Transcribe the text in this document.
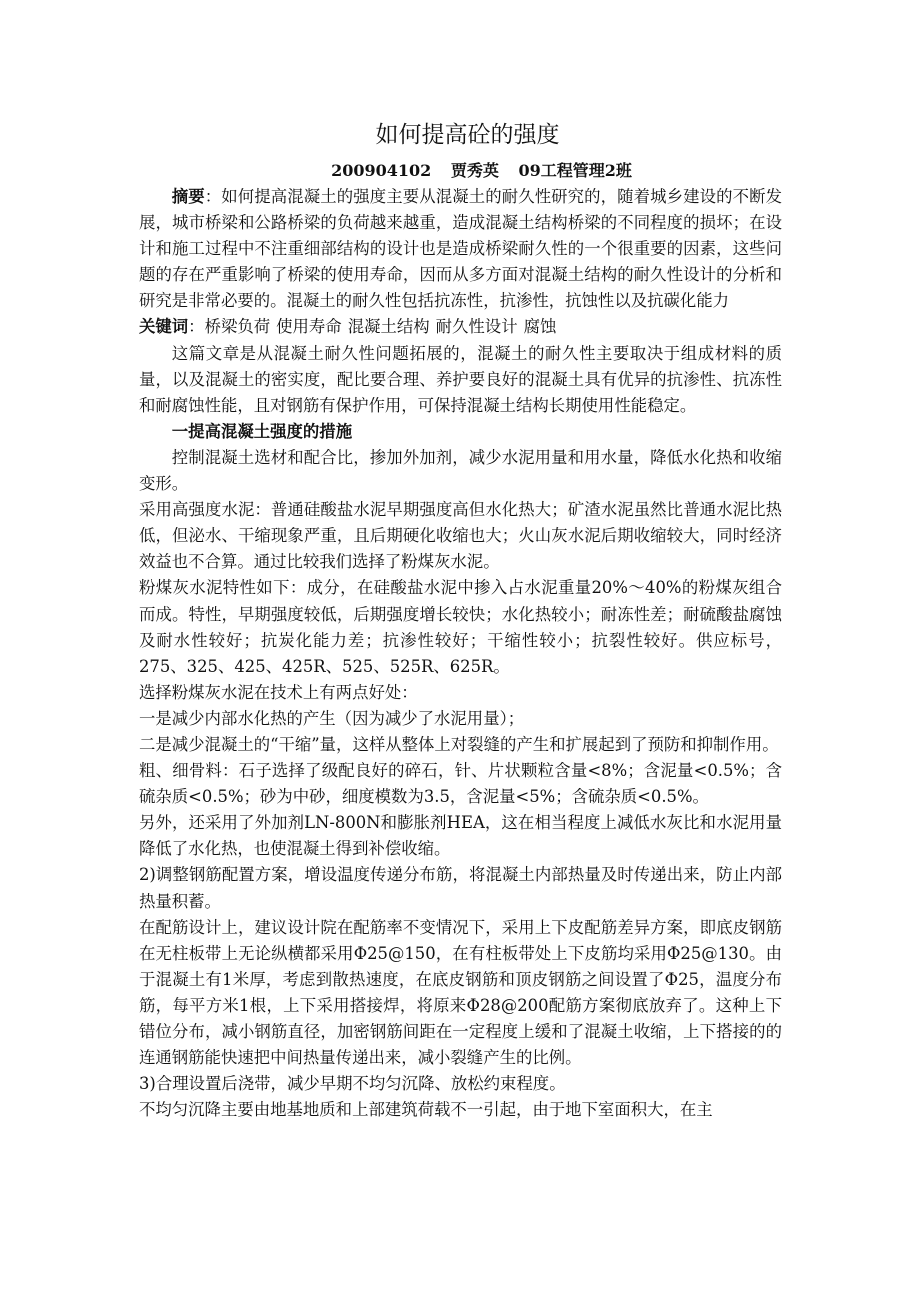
如何提高砼的强度

200904102 贾秀英 09工程管理2班

摘要：如何提高混凝土的强度主要从混凝土的耐久性研究的，随着城乡建设的不断发展，城市桥梁和公路桥梁的负荷越来越重，造成混凝土结构桥梁的不同程度的损坏；在设计和施工过程中不注重细部结构的设计也是造成桥梁耐久性的一个很重要的因素，这些问题的存在严重影响了桥梁的使用寿命，因而从多方面对混凝土结构的耐久性设计的分析和研究是非常必要的。混凝土的耐久性包括抗冻性，抗渗性，抗蚀性以及抗碳化能力

关键词：桥梁负荷 使用寿命 混凝土结构 耐久性设计 腐蚀

这篇文章是从混凝土耐久性问题拓展的，混凝土的耐久性主要取决于组成材料的质量，以及混凝土的密实度，配比要合理、养护要良好的混凝土具有优异的抗渗性、抗冻性和耐腐蚀性能，且对钢筋有保护作用，可保持混凝土结构长期使用性能稳定。

一提高混凝土强度的措施

控制混凝土选材和配合比，掺加外加剂，减少水泥用量和用水量，降低水化热和收缩变形。

采用高强度水泥：普通硅酸盐水泥早期强度高但水化热大；矿渣水泥虽然比普通水泥比热低，但泌水、干缩现象严重，且后期硬化收缩也大；火山灰水泥后期收缩较大，同时经济效益也不合算。通过比较我们选择了粉煤灰水泥。

粉煤灰水泥特性如下：成分，在硅酸盐水泥中掺入占水泥重量20%～40%的粉煤灰组合而成。特性，早期强度较低，后期强度增长较快；水化热较小；耐冻性差；耐硫酸盐腐蚀及耐水性较好；抗炭化能力差；抗渗性较好；干缩性较小；抗裂性较好。供应标号，275、325、425、425R、525、525R、625R。

选择粉煤灰水泥在技术上有两点好处：

一是减少内部水化热的产生（因为减少了水泥用量）；

二是减少混凝土的“干缩”量，这样从整体上对裂缝的产生和扩展起到了预防和抑制作用。

粗、细骨料：石子选择了级配良好的碎石，针、片状颗粒含量<8%；含泥量<0.5%；含硫杂质<0.5%；砂为中砂，细度模数为3.5，含泥量<5%；含硫杂质<0.5%。

另外，还采用了外加剂LN-800N和膨胀剂HEA，这在相当程度上减低水灰比和水泥用量降低了水化热，也使混凝土得到补偿收缩。

2)调整钢筋配置方案，增设温度传递分布筋，将混凝土内部热量及时传递出来，防止内部热量积蓄。

在配筋设计上，建议设计院在配筋率不变情况下，采用上下皮配筋差异方案，即底皮钢筋在无柱板带上无论纵横都采用Φ25@150，在有柱板带处上下皮筋均采用Φ25@130。由于混凝土有1米厚，考虑到散热速度，在底皮钢筋和顶皮钢筋之间设置了Φ25，温度分布筋，每平方米1根，上下采用搭接焊，将原来Φ28@200配筋方案彻底放弃了。这种上下错位分布，减小钢筋直径，加密钢筋间距在一定程度上缓和了混凝土收缩，上下搭接的的连通钢筋能快速把中间热量传递出来，减小裂缝产生的比例。

3)合理设置后浇带，减少早期不均匀沉降、放松约束程度。

不均匀沉降主要由地基地质和上部建筑荷载不一引起，由于地下室面积大，在主
